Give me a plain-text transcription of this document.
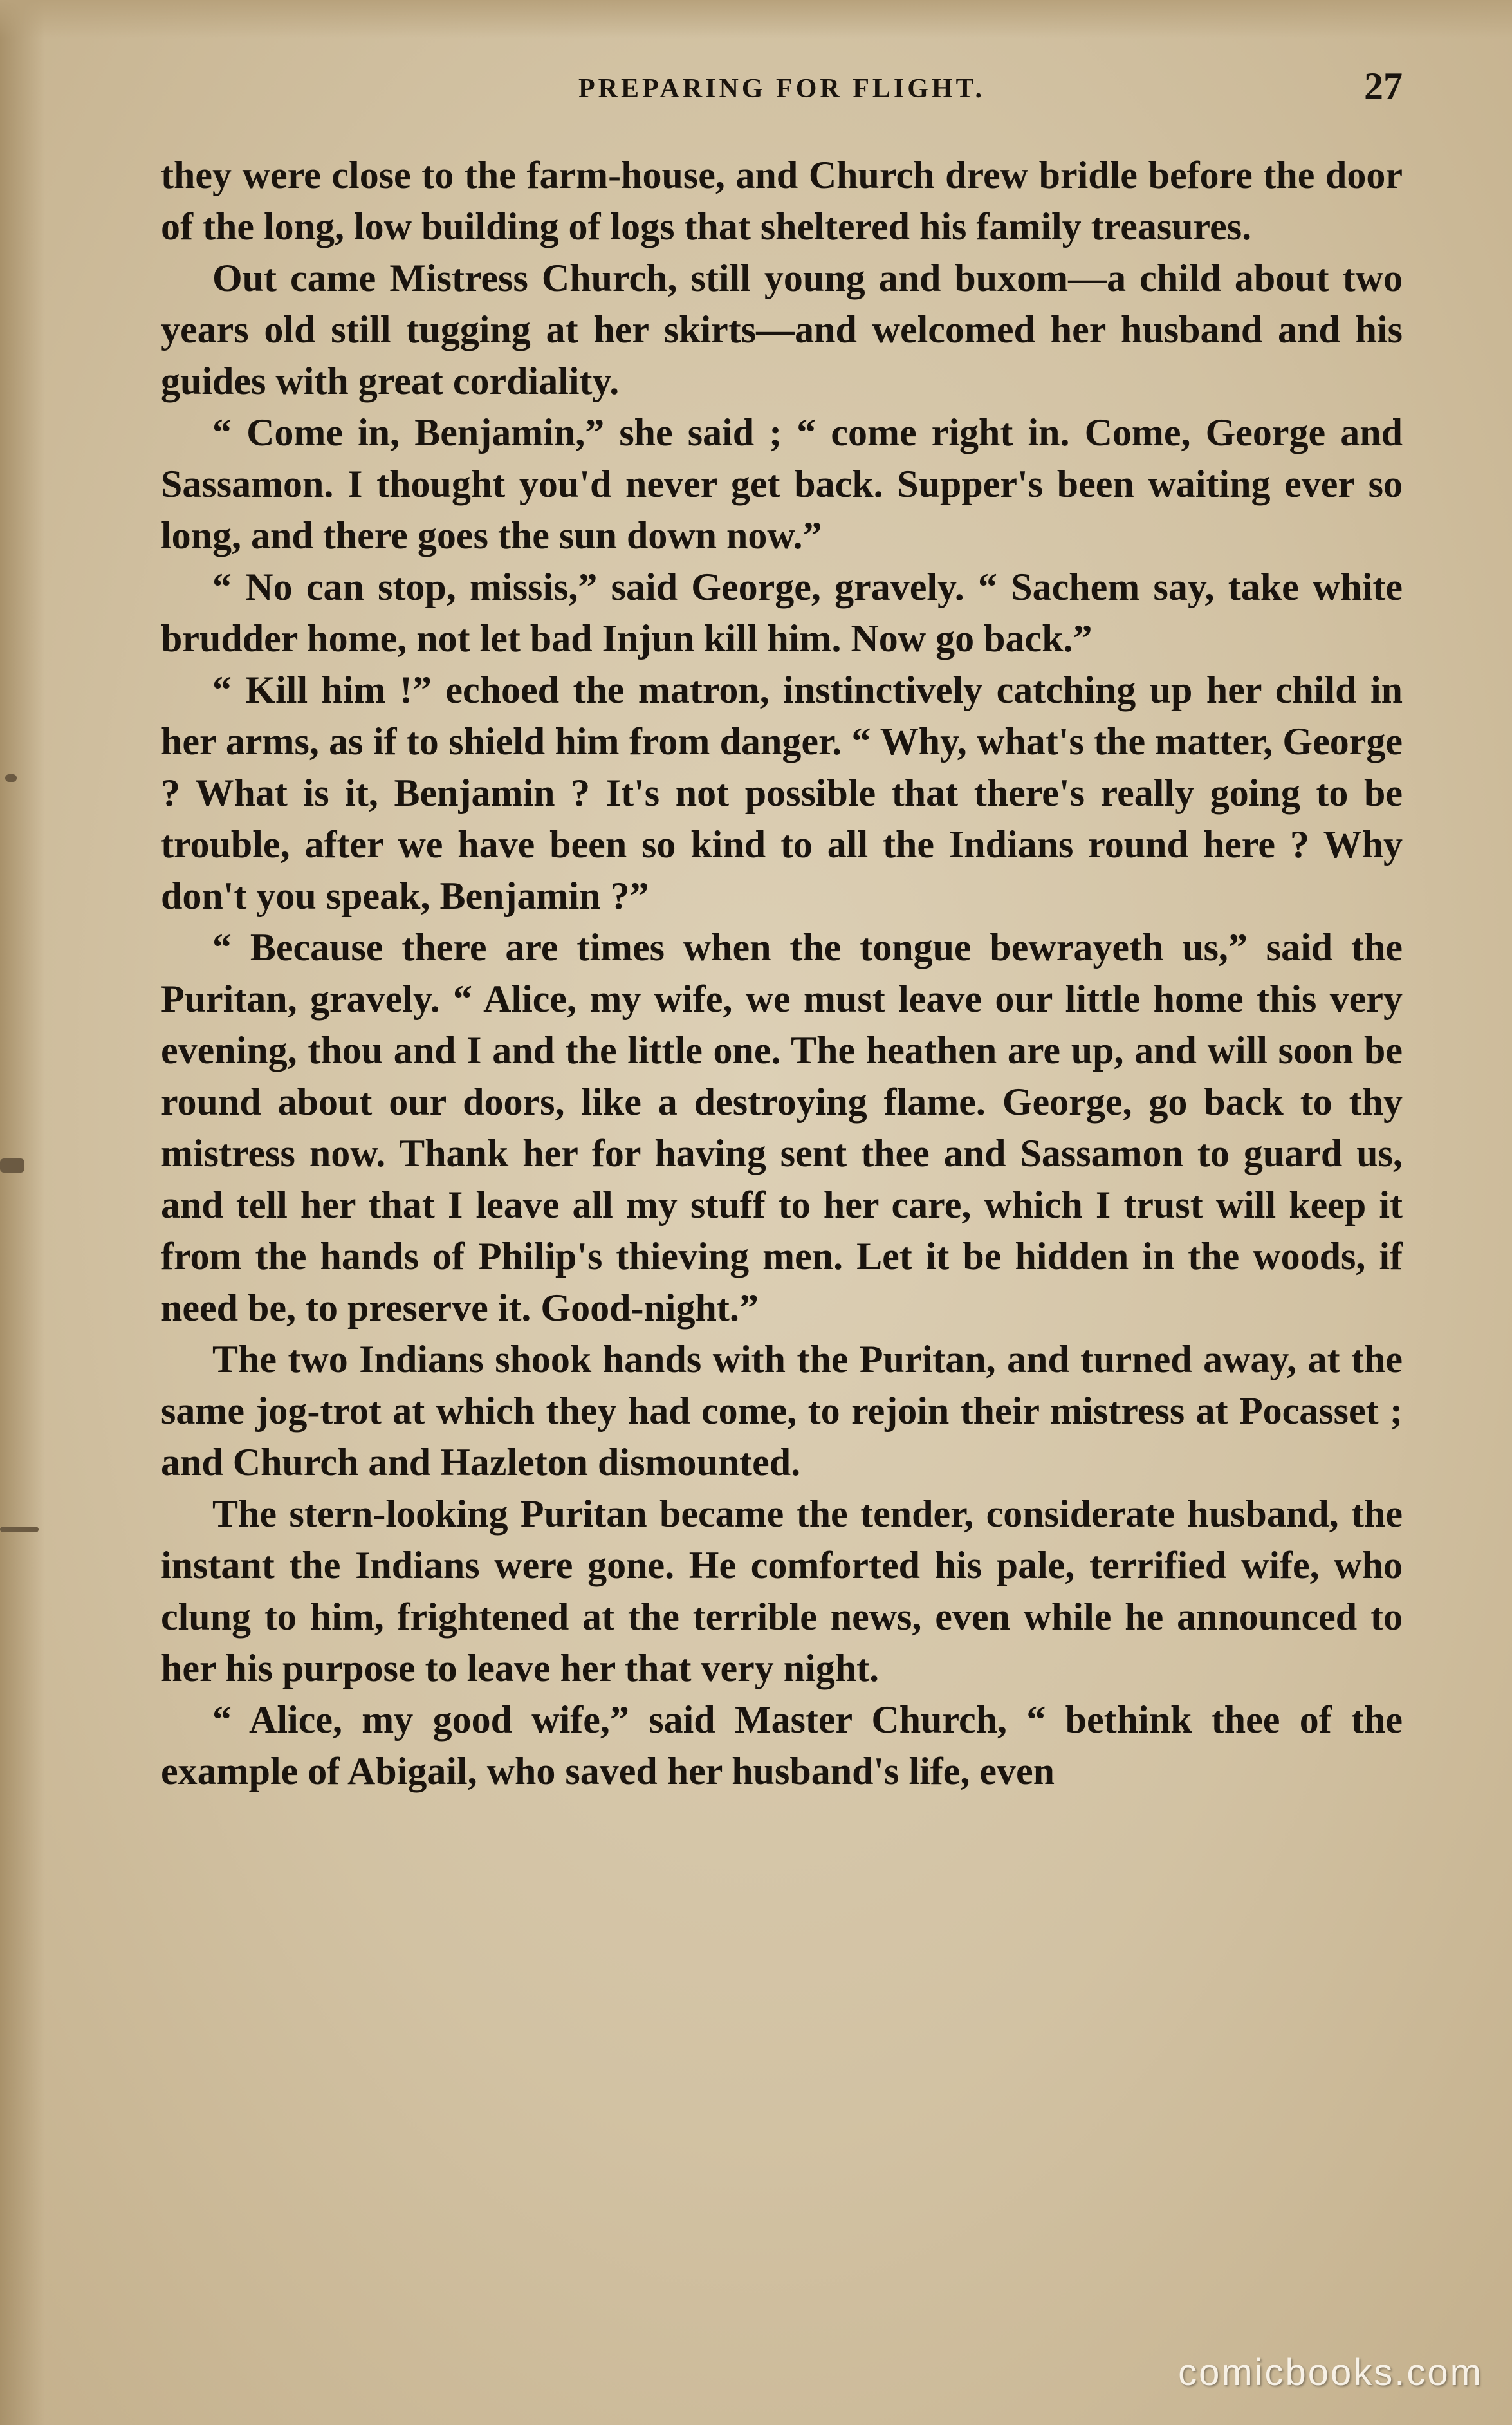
PREPARING FOR FLIGHT.	27

they were close to the farm-house, and Church drew bridle before the door of the long, low building of logs that sheltered his family treasures.

Out came Mistress Church, still young and buxom—a child about two years old still tugging at her skirts—and welcomed her husband and his guides with great cordiality.

“ Come in, Benjamin,” she said ; “ come right in. Come, George and Sassamon. I thought you'd never get back. Supper's been waiting ever so long, and there goes the sun down now.”

“ No can stop, missis,” said George, gravely. “ Sachem say, take white brudder home, not let bad Injun kill him. Now go back.”

“ Kill him !” echoed the matron, instinctively catching up her child in her arms, as if to shield him from danger. “ Why, what's the matter, George ? What is it, Benjamin ? It's not possible that there's really going to be trouble, after we have been so kind to all the Indians round here ? Why don't you speak, Benjamin ?”

“ Because there are times when the tongue bewrayeth us,” said the Puritan, gravely. “ Alice, my wife, we must leave our little home this very evening, thou and I and the little one. The heathen are up, and will soon be round about our doors, like a destroying flame. George, go back to thy mistress now. Thank her for having sent thee and Sassamon to guard us, and tell her that I leave all my stuff to her care, which I trust will keep it from the hands of Philip's thieving men. Let it be hidden in the woods, if need be, to preserve it. Good-night.”

The two Indians shook hands with the Puritan, and turned away, at the same jog-trot at which they had come, to rejoin their mistress at Pocasset ; and Church and Hazleton dismounted.

The stern-looking Puritan became the tender, considerate husband, the instant the Indians were gone. He comforted his pale, terrified wife, who clung to him, frightened at the terrible news, even while he announced to her his purpose to leave her that very night.

“ Alice, my good wife,” said Master Church, “ bethink thee of the example of Abigail, who saved her husband's life, even

comicbooks.com
